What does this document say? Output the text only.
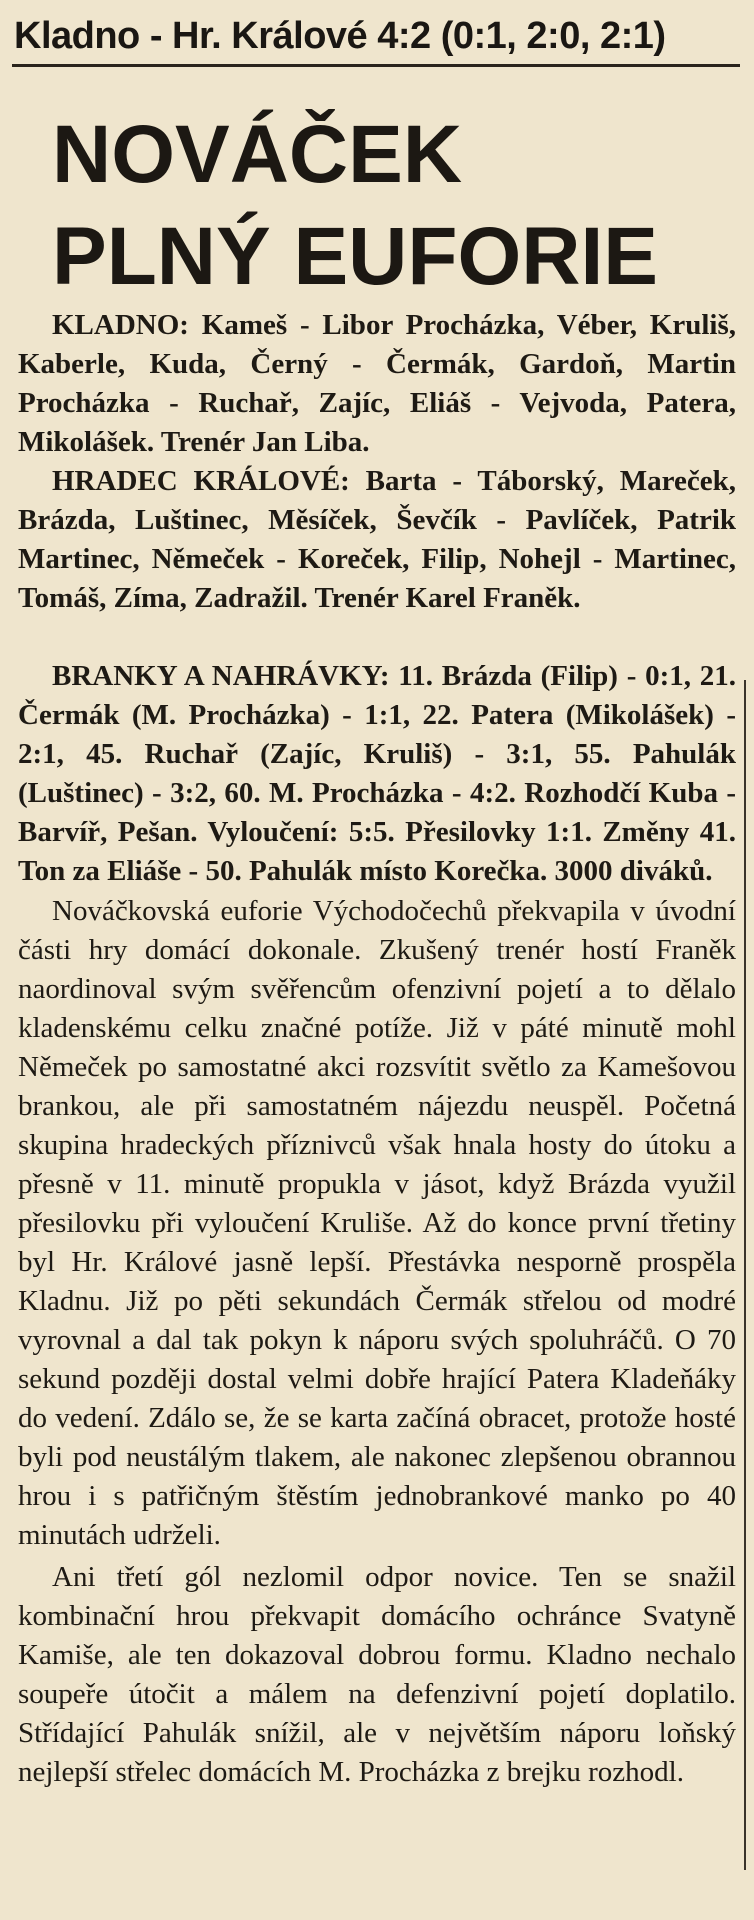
Kladno - Hr. Králové 4:2 (0:1, 2:0, 2:1)
NOVÁČEK
PLNÝ EUFORIE

KLADNO: Kameš - Libor Procházka, Véber, Kruliš, Kaberle, Kuda, Černý - Čermák, Gardoň, Martin Procházka - Ruchař, Zajíc, Eliáš - Vejvoda, Patera, Mikolášek. Trenér Jan Liba.

HRADEC KRÁLOVÉ: Barta - Táborský, Mareček, Brázda, Luštinec, Měsíček, Ševčík - Pavlíček, Patrik Martinec, Němeček - Koreček, Filip, Nohejl - Martinec, Tomáš, Zíma, Zadražil. Trenér Karel Franěk.

BRANKY A NAHRÁVKY: 11. Brázda (Filip) - 0:1, 21. Čermák (M. Procházka) - 1:1, 22. Patera (Mikolášek) - 2:1, 45. Ruchař (Zajíc, Kruliš) - 3:1, 55. Pahulák (Luštinec) - 3:2, 60. M. Procházka - 4:2. Rozhodčí Kuba - Barvíř, Pešan. Vyloučení: 5:5. Přesilovky 1:1. Změny 41. Ton za Eliáše - 50. Pahulák místo Korečka. 3000 diváků.

Nováčkovská euforie Východočechů překvapila v úvodní části hry domácí dokonale. Zkušený trenér hostí Franěk naordinoval svým svěřencům ofenzivní pojetí a to dělalo kladenskému celku značné potíže. Již v páté minutě mohl Němeček po samostatné akci rozsvítit světlo za Kamešovou brankou, ale při samostatném nájezdu neuspěl. Početná skupina hradeckých příznivců však hnala hosty do útoku a přesně v 11. minutě propukla v jásot, když Brázda využil přesilovku při vyloučení Kruliše. Až do konce první třetiny byl Hr. Králové jasně lepší. Přestávka nesporně prospěla Kladnu. Již po pěti sekundách Čermák střelou od modré vyrovnal a dal tak pokyn k náporu svých spoluhráčů. O 70 sekund později dostal velmi dobře hrající Patera Kladeňáky do vedení. Zdálo se, že se karta začíná obracet, protože hosté byli pod neustálým tlakem, ale nakonec zlepšenou obrannou hrou i s patřičným štěstím jednobrankové manko po 40 minutách udrželi.

Ani třetí gól nezlomil odpor novice. Ten se snažil kombinační hrou překvapit domácího ochránce Svatyně Kamiše, ale ten dokazoval dobrou formu. Kladno nechalo soupeře útočit a málem na defenzivní pojetí doplatilo. Střídající Pahulák snížil, ale v největším náporu loňský nejlepší střelec domácích M. Procházka z brejku rozhodl.
